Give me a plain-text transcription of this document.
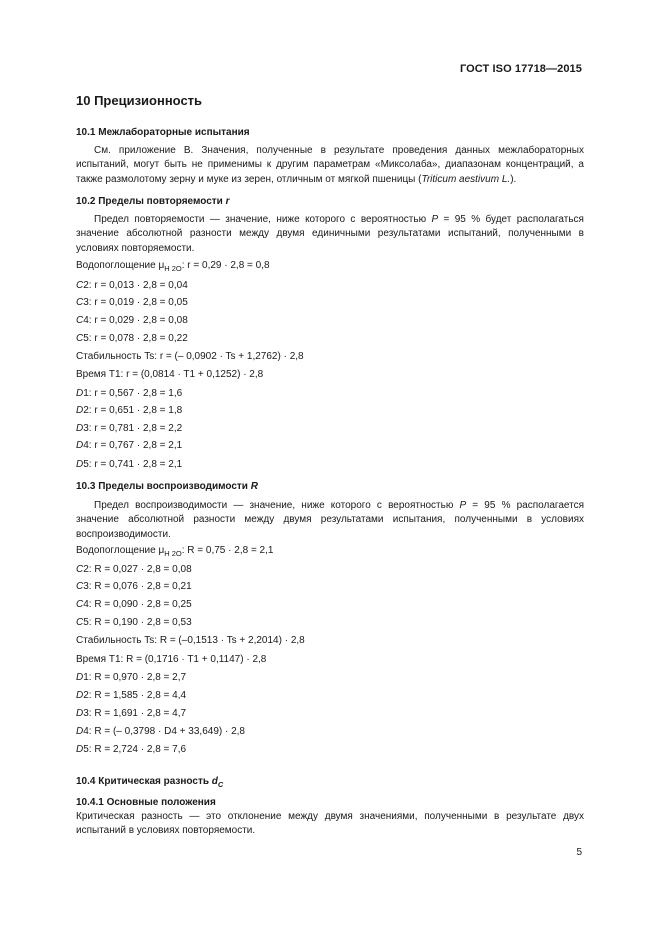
ГОСТ ISO 17718—2015
10 Прецизионность
10.1 Межлабораторные испытания
См. приложение B. Значения, полученные в результате проведения данных межлабораторных испытаний, могут быть не применимы к другим параметрам «Миксолаба», диапазонам концентраций, а также размолотому зерну и муке из зерен, отличным от мягкой пшеницы (Triticum aestivum L.).
10.2 Пределы повторяемости r
Предел повторяемости — значение, ниже которого с вероятностью P = 95 % будет располагаться значение абсолютной разности между двумя единичными результатами испытаний, полученными в условиях повторяемости.
Водопоглощение $\mu_{H 2O}$: r = 0,29 · 2,8 = 0,8
C2: r = 0,013 · 2,8 = 0,04
C3: r = 0,019 · 2,8 = 0,05
C4: r = 0,029 · 2,8 = 0,08
C5: r = 0,078 · 2,8 = 0,22
Стабильность Ts: r = (– 0,0902 · Ts + 1,2762) · 2,8
Время T1: r = (0,0814 · T1 + 0,1252) · 2,8
D1: r = 0,567 · 2,8 = 1,6
D2: r = 0,651 · 2,8 = 1,8
D3: r = 0,781 · 2,8 = 2,2
D4: r = 0,767 · 2,8 = 2,1
D5: r = 0,741 · 2,8 = 2,1
10.3 Пределы воспроизводимости R
Предел воспроизводимости — значение, ниже которого с вероятностью P = 95 % располагается значение абсолютной разности между двумя результатами испытания, полученными в условиях воспроизводимости.
Водопоглощение $\mu_{H 2O}$: R = 0,75 · 2,8 = 2,1
C2: R = 0,027 · 2,8 = 0,08
C3: R = 0,076 · 2,8 = 0,21
C4: R = 0,090 · 2,8 = 0,25
C5: R = 0,190 · 2,8 = 0,53
Стабильность Ts: R = (–0,1513 · Ts + 2,2014) · 2,8
Время T1: R = (0,1716 · T1 + 0,1147) · 2,8
D1: R = 0,970 · 2,8 = 2,7
D2: R = 1,585 · 2,8 = 4,4
D3: R = 1,691 · 2,8 = 4,7
D4: R = (– 0,3798 · D4 + 33,649) · 2,8
D5: R = 2,724 · 2,8 = 7,6
10.4 Критическая разность $d_C$
10.4.1 Основные положения
Критическая разность — это отклонение между двумя значениями, полученными в результате двух испытаний в условиях повторяемости.
5
